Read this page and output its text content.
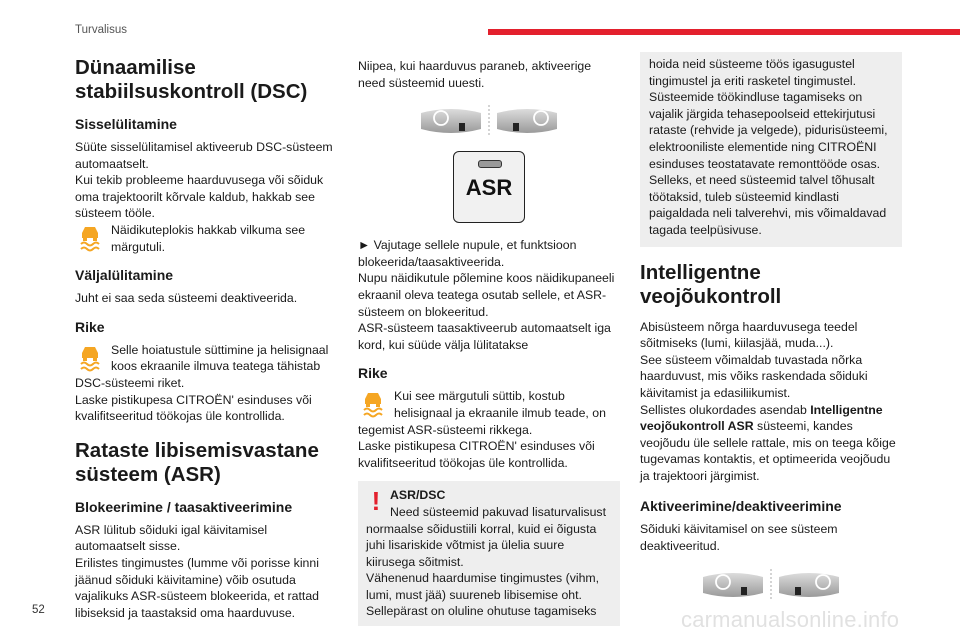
Turvalisus
52	carmanualsonline.info
Dünaamilise stabiilsuskontroll (DSC)
Sisselülitamine

Süüte sisselülitamisel aktiveerub DSC-süsteem automaatselt.
Kui tekib probleeme haarduvusega või sõiduk oma trajektoorilt kõrvale kaldub, hakkab see süsteem tööle.

Näidikuteplokis hakkab vilkuma see märgutuli.

Väljalülitamine

Juht ei saa seda süsteemi deaktiveerida.

Rike

Selle hoiatustule süttimine ja helisignaal koos ekraanile ilmuva teatega tähistab DSC-süsteemi riket.
Laske pistikupesa CITROËN' esinduses või kvalifitseeritud töökojas üle kontrollida.

Rataste libisemisvastane süsteem (ASR)
Blokeerimine / taasaktiveerimine

ASR lülitub sõiduki igal käivitamisel automaatselt sisse.
Erilistes tingimustes (lumme või porisse kinni jäänud sõiduki käivitamine) võib osutuda vajalikuks ASR-süsteem blokeerida, et rattad libiseksid ja taastaksid oma haarduvuse.

Niipea, kui haarduvus paraneb, aktiveerige need süsteemid uuesti.

ASR

► Vajutage sellele nupule, et funktsioon blokeerida/taasaktiveerida.
Nupu näidikutule põlemine koos näidikupaneeli ekraanil oleva teatega osutab sellele, et ASR-süsteem on blokeeritud.
ASR-süsteem taasaktiveerub automaatselt iga kord, kui süüde välja lülitatakse

Rike

Kui see märgutuli süttib, kostub helisignaal ja ekraanile ilmub teade, on tegemist ASR-süsteemi rikkega.
Laske pistikupesa CITROËN' esinduses või kvalifitseeritud töökojas üle kontrollida.

! ASR/DSC

Need süsteemid pakuvad lisaturvalisust normaalse sõidustiili korral, kuid ei õigusta juhi lisariskide võtmist ja ülelia suure kiirusega sõitmist.
Vähenenud haardumise tingimustes (vihm, lumi, must jää) suureneb libisemise oht. Sellepärast on oluline ohutuse tagamiseks

hoida neid süsteeme töös igasugustel tingimustel ja eriti rasketel tingimustel.
Süsteemide töökindluse tagamiseks on vajalik järgida tehasepoolseid ettekirjutusi rataste (rehvide ja velgede), pidurisüsteemi, elektrooniliste elementide ning CITROËNI esinduses teostatavate remonttööde osas.
Selleks, et need süsteemid talvel tõhusalt töötaksid, tuleb süsteemid kindlasti paigaldada neli talverehvi, mis võimaldavad tagada teelpüsivuse.

Intelligentne veojõukontroll

Abisüsteem nõrga haarduvusega teedel sõitmiseks (lumi, kiilasjää, muda...).
See süsteem võimaldab tuvastada nõrka haarduvust, mis võiks raskendada sõiduki käivitamist ja edasiliikumist.
Sellistes olukordades asendab

Intelligentne veojõukontroll ASR süsteemi, kandes veojõudu üle sellele rattale, mis on teega kõige tugevamas kontaktis, et optimeerida veojõudu ja trajektoori järgimist.
Aktiveerimine/deaktiveerimine

Sõiduki käivitamisel on see süsteem deaktiveeritud.
